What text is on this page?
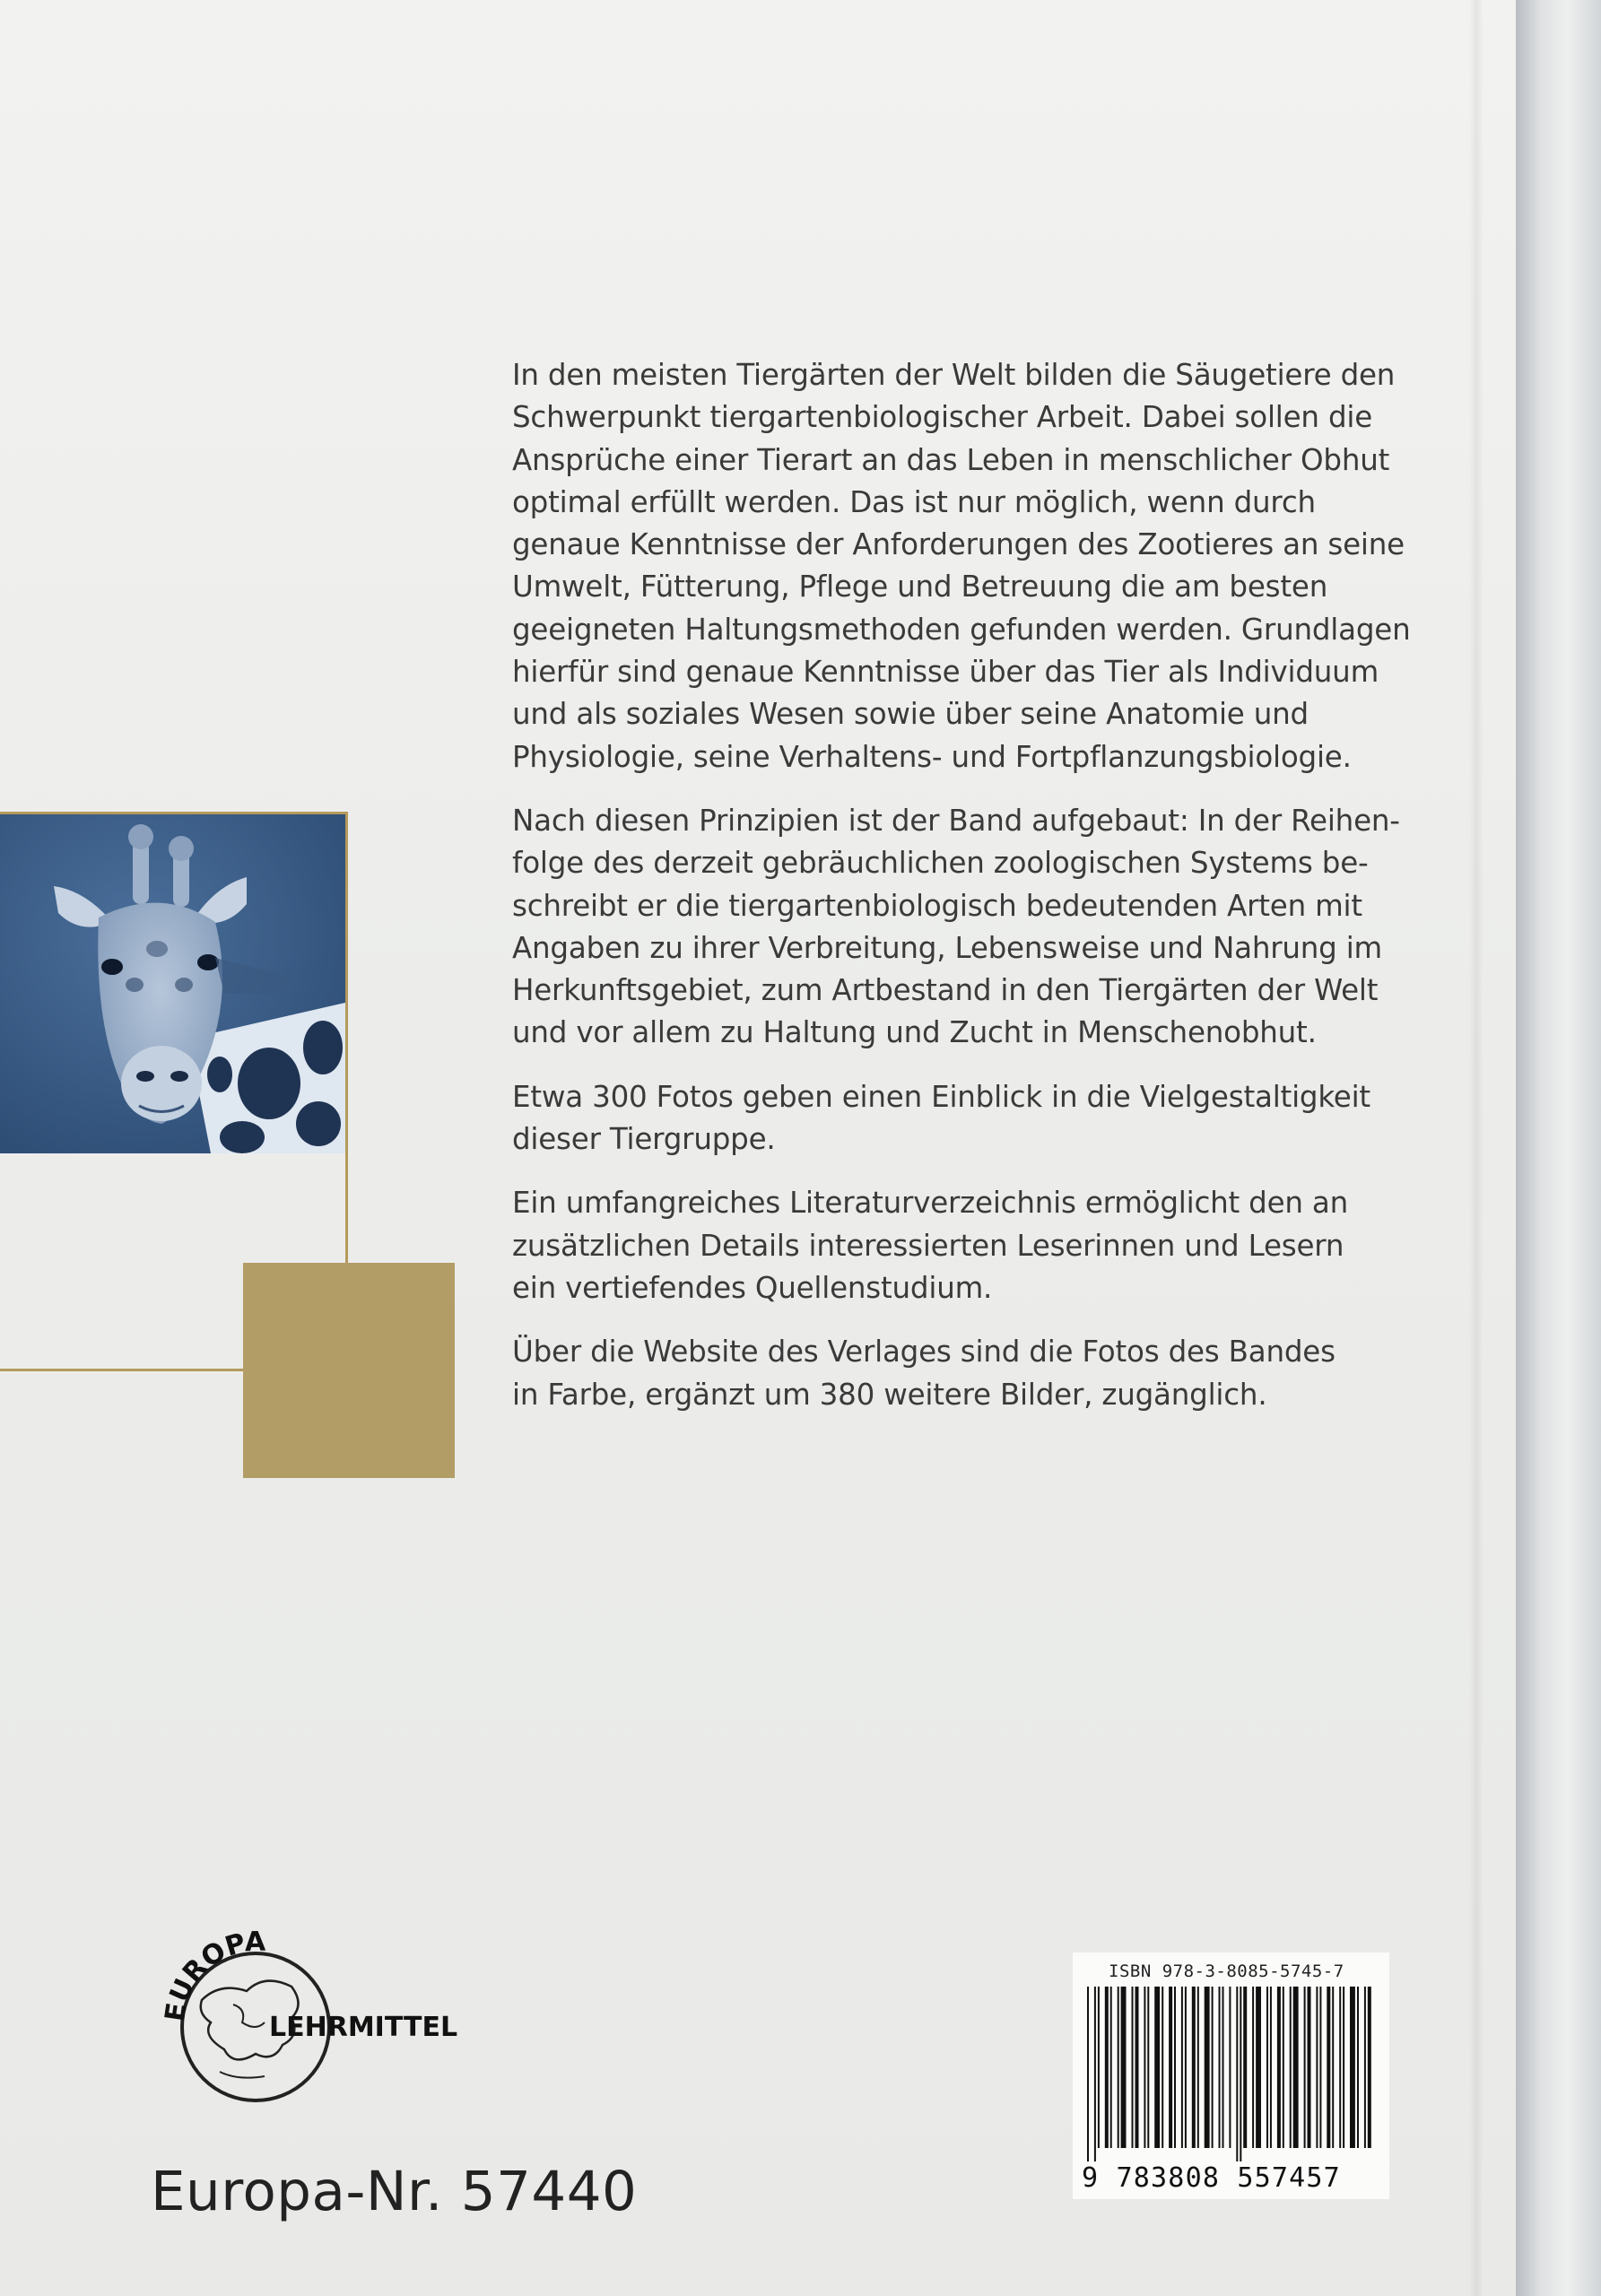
In den meisten Tiergärten der Welt bilden die Säugetiere den
Schwerpunkt tiergartenbiologischer Arbeit. Dabei sollen die
Ansprüche einer Tierart an das Leben in menschlicher Obhut
optimal erfüllt werden. Das ist nur möglich, wenn durch
genaue Kenntnisse der Anforderungen des Zootieres an seine
Umwelt, Fütterung, Pflege und Betreuung die am besten
geeigneten Haltungsmethoden gefunden werden. Grundlagen
hierfür sind genaue Kenntnisse über das Tier als Individuum
und als soziales Wesen sowie über seine Anatomie und
Physiologie, seine Verhaltens- und Fortpflanzungsbiologie.

Nach diesen Prinzipien ist der Band aufgebaut: In der Reihen-
folge des derzeit gebräuchlichen zoologischen Systems be-
schreibt er die tiergartenbiologisch bedeutenden Arten mit
Angaben zu ihrer Verbreitung, Lebensweise und Nahrung im
Herkunftsgebiet, zum Artbestand in den Tiergärten der Welt
und vor allem zu Haltung und Zucht in Menschenobhut.

Etwa 300 Fotos geben einen Einblick in die Vielgestaltigkeit
dieser Tiergruppe.

Ein umfangreiches Literaturverzeichnis ermöglicht den an
zusätzlichen Details interessierten Leserinnen und Lesern
ein vertiefendes Quellenstudium.

Über die Website des Verlages sind die Fotos des Bandes
in Farbe, ergänzt um 380 weitere Bilder, zugänglich.

EUROPA
LEHRMITTEL
Europa-Nr. 57440
ISBN 978-3-8085-5745-7
9 783808 557457
